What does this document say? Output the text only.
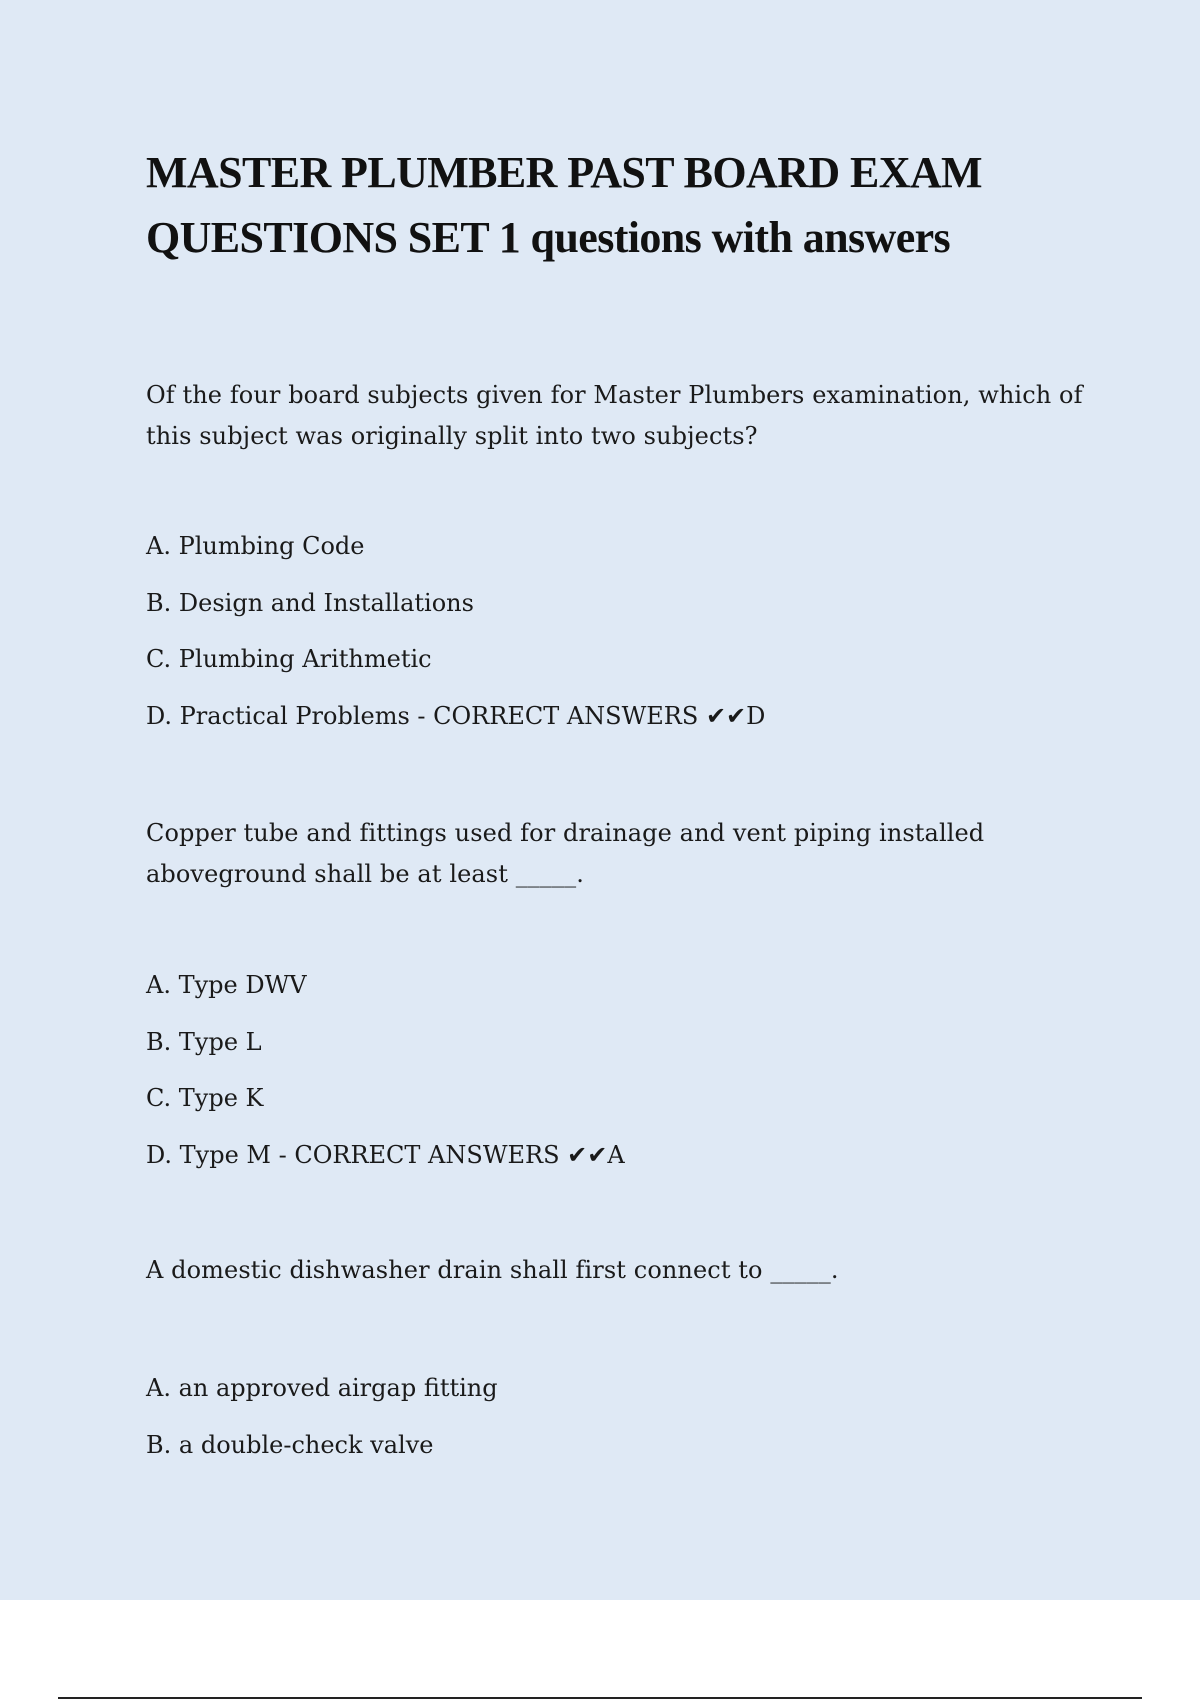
MASTER PLUMBER PAST BOARD EXAM QUESTIONS SET 1 questions with answers

Of the four board subjects given for Master Plumbers examination, which of this subject was originally split into two subjects?

A. Plumbing Code
B. Design and Installations
C. Plumbing Arithmetic
D. Practical Problems - CORRECT ANSWERS ✔✔D

Copper tube and fittings used for drainage and vent piping installed aboveground shall be at least _____.

A. Type DWV
B. Type L
C. Type K
D. Type M - CORRECT ANSWERS ✔✔A

A domestic dishwasher drain shall first connect to _____.

A. an approved airgap fitting
B. a double-check valve
